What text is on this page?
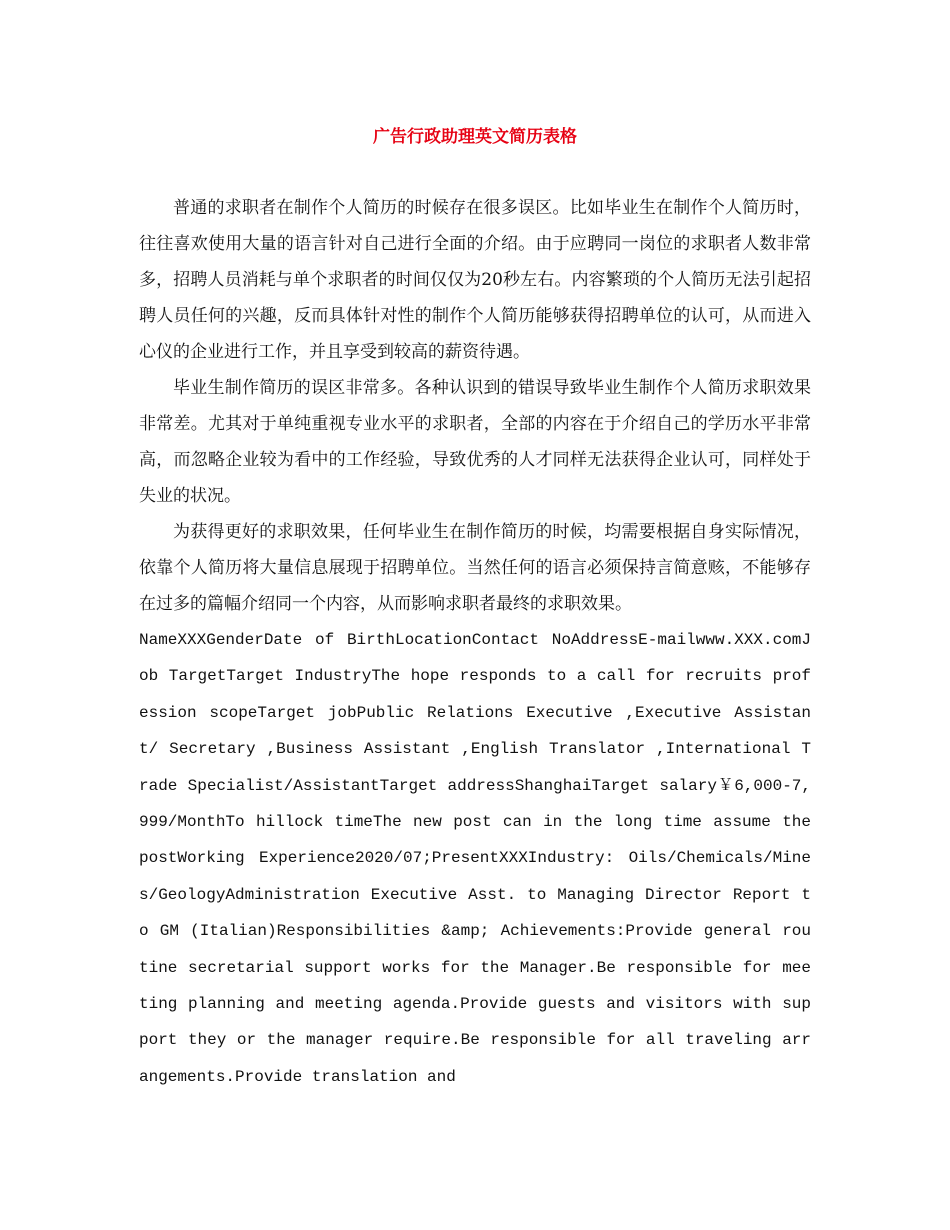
广告行政助理英文简历表格

普通的求职者在制作个人简历的时候存在很多误区。比如毕业生在制作个人简历时，往往喜欢使用大量的语言针对自己进行全面的介绍。由于应聘同一岗位的求职者人数非常多，招聘人员消耗与单个求职者的时间仅仅为20秒左右。内容繁琐的个人简历无法引起招聘人员任何的兴趣，反而具体针对性的制作个人简历能够获得招聘单位的认可，从而进入心仪的企业进行工作，并且享受到较高的薪资待遇。

毕业生制作简历的误区非常多。各种认识到的错误导致毕业生制作个人简历求职效果非常差。尤其对于单纯重视专业水平的求职者，全部的内容在于介绍自己的学历水平非常高，而忽略企业较为看中的工作经验，导致优秀的人才同样无法获得企业认可，同样处于失业的状况。

为获得更好的求职效果，任何毕业生在制作简历的时候，均需要根据自身实际情况，依靠个人简历将大量信息展现于招聘单位。当然任何的语言必须保持言简意赅，不能够存在过多的篇幅介绍同一个内容，从而影响求职者最终的求职效果。

NameXXXGenderDate of BirthLocationContact NoAddressE-mailwww.XXX.comJob TargetTarget IndustryThe hope responds to a call for recruits profession scopeTarget jobPublic Relations Executive ,Executive Assistant/ Secretary ,Business Assistant ,English Translator ,International Trade Specialist/AssistantTarget addressShanghaiTarget salary￥6,000-7,999/MonthTo hillock timeThe new post can in the long time assume the postWorking Experience2020/07;PresentXXXIndustry: Oils/Chemicals/Mines/GeologyAdministration Executive Asst. to Managing Director Report to GM (Italian)Responsibilities &amp; Achievements:Provide general routine secretarial support works for the Manager.Be responsible for meeting planning and meeting agenda.Provide guests and visitors with support they or the manager require.Be responsible for all traveling arrangements.Provide translation and
